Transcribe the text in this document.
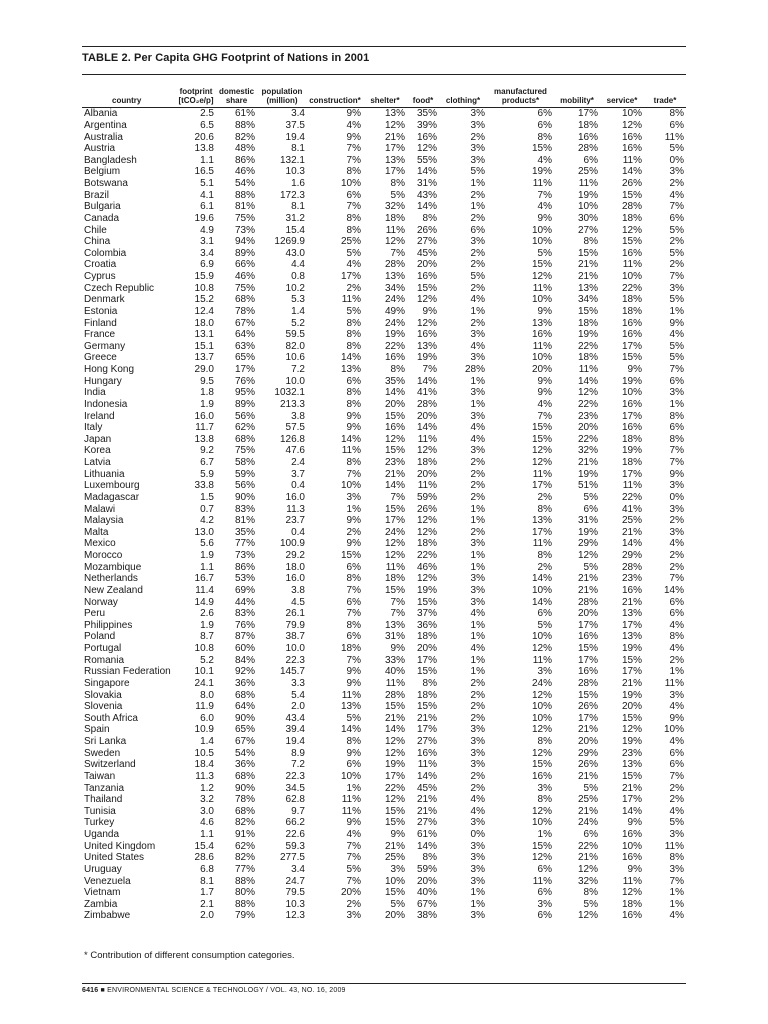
TABLE 2. Per Capita GHG Footprint of Nations in 2001
country	footprint [tCO₂e/p]	domestic share	population (million)	construction*	shelter*	food*	clothing*	manufactured products*	mobility*	service*	trade*

Albania	2.5	61%	3.4	9%	13%	35%	3%	6%	17%	10%	8%
Argentina	6.5	88%	37.5	4%	12%	39%	3%	6%	18%	12%	6%
Australia	20.6	82%	19.4	9%	21%	16%	2%	8%	16%	16%	11%
Austria	13.8	48%	8.1	7%	17%	12%	3%	15%	28%	16%	5%
Bangladesh	1.1	86%	132.1	7%	13%	55%	3%	4%	6%	11%	0%
Belgium	16.5	46%	10.3	8%	17%	14%	5%	19%	25%	14%	3%
Botswana	5.1	54%	1.6	10%	8%	31%	1%	11%	11%	26%	2%
Brazil	4.1	88%	172.3	6%	5%	43%	2%	7%	19%	15%	4%
Bulgaria	6.1	81%	8.1	7%	32%	14%	1%	4%	10%	28%	7%
Canada	19.6	75%	31.2	8%	18%	8%	2%	9%	30%	18%	6%
Chile	4.9	73%	15.4	8%	11%	26%	6%	10%	27%	12%	5%
China	3.1	94%	1269.9	25%	12%	27%	3%	10%	8%	15%	2%
Colombia	3.4	89%	43.0	5%	7%	45%	2%	5%	15%	16%	5%
Croatia	6.9	66%	4.4	4%	28%	20%	2%	15%	21%	11%	2%
Cyprus	15.9	46%	0.8	17%	13%	16%	5%	12%	21%	10%	7%
Czech Republic	10.8	75%	10.2	2%	34%	15%	2%	11%	13%	22%	3%
Denmark	15.2	68%	5.3	11%	24%	12%	4%	10%	34%	18%	5%
Estonia	12.4	78%	1.4	5%	49%	9%	1%	9%	15%	18%	1%
Finland	18.0	67%	5.2	8%	24%	12%	2%	13%	18%	16%	9%
France	13.1	64%	59.5	8%	19%	16%	3%	16%	19%	16%	4%
Germany	15.1	63%	82.0	8%	22%	13%	4%	11%	22%	17%	5%
Greece	13.7	65%	10.6	14%	16%	19%	3%	10%	18%	15%	5%
Hong Kong	29.0	17%	7.2	13%	8%	7%	28%	20%	11%	9%	7%
Hungary	9.5	76%	10.0	6%	35%	14%	1%	9%	14%	19%	6%
India	1.8	95%	1032.1	8%	14%	41%	3%	9%	12%	10%	3%
Indonesia	1.9	89%	213.3	8%	20%	28%	1%	4%	22%	16%	1%
Ireland	16.0	56%	3.8	9%	15%	20%	3%	7%	23%	17%	8%
Italy	11.7	62%	57.5	9%	16%	14%	4%	15%	20%	16%	6%
Japan	13.8	68%	126.8	14%	12%	11%	4%	15%	22%	18%	8%
Korea	9.2	75%	47.6	11%	15%	12%	3%	12%	32%	19%	7%
Latvia	6.7	58%	2.4	8%	23%	18%	2%	12%	21%	18%	7%
Lithuania	5.9	59%	3.7	7%	21%	20%	2%	11%	19%	17%	9%
Luxembourg	33.8	56%	0.4	10%	14%	11%	2%	17%	51%	11%	3%
Madagascar	1.5	90%	16.0	3%	7%	59%	2%	2%	5%	22%	0%
Malawi	0.7	83%	11.3	1%	15%	26%	1%	8%	6%	41%	3%
Malaysia	4.2	81%	23.7	9%	17%	12%	1%	13%	31%	25%	2%
Malta	13.0	35%	0.4	2%	24%	12%	2%	17%	19%	21%	3%
Mexico	5.6	77%	100.9	9%	12%	18%	3%	11%	29%	14%	4%
Morocco	1.9	73%	29.2	15%	12%	22%	1%	8%	12%	29%	2%
Mozambique	1.1	86%	18.0	6%	11%	46%	1%	2%	5%	28%	2%
Netherlands	16.7	53%	16.0	8%	18%	12%	3%	14%	21%	23%	7%
New Zealand	11.4	69%	3.8	7%	15%	19%	3%	10%	21%	16%	14%
Norway	14.9	44%	4.5	6%	7%	15%	3%	14%	28%	21%	6%
Peru	2.6	83%	26.1	7%	7%	37%	4%	6%	20%	13%	6%
Philippines	1.9	76%	79.9	8%	13%	36%	1%	5%	17%	17%	4%
Poland	8.7	87%	38.7	6%	31%	18%	1%	10%	16%	13%	8%
Portugal	10.8	60%	10.0	18%	9%	20%	4%	12%	15%	19%	4%
Romania	5.2	84%	22.3	7%	33%	17%	1%	11%	17%	15%	2%
Russian Federation	10.1	92%	145.7	9%	40%	15%	1%	3%	16%	17%	1%
Singapore	24.1	36%	3.3	9%	11%	8%	2%	24%	28%	21%	11%
Slovakia	8.0	68%	5.4	11%	28%	18%	2%	12%	15%	19%	3%
Slovenia	11.9	64%	2.0	13%	15%	15%	2%	10%	26%	20%	4%
South Africa	6.0	90%	43.4	5%	21%	21%	2%	10%	17%	15%	9%
Spain	10.9	65%	39.4	14%	14%	17%	3%	12%	21%	12%	10%
Sri Lanka	1.4	67%	19.4	8%	12%	27%	3%	8%	20%	19%	4%
Sweden	10.5	54%	8.9	9%	12%	16%	3%	12%	29%	23%	6%
Switzerland	18.4	36%	7.2	6%	19%	11%	3%	15%	26%	13%	6%
Taiwan	11.3	68%	22.3	10%	17%	14%	2%	16%	21%	15%	7%
Tanzania	1.2	90%	34.5	1%	22%	45%	2%	3%	5%	21%	2%
Thailand	3.2	78%	62.8	11%	12%	21%	4%	8%	25%	17%	2%
Tunisia	3.0	68%	9.7	11%	15%	21%	4%	12%	21%	14%	4%
Turkey	4.6	82%	66.2	9%	15%	27%	3%	10%	24%	9%	5%
Uganda	1.1	91%	22.6	4%	9%	61%	0%	1%	6%	16%	3%
United Kingdom	15.4	62%	59.3	7%	21%	14%	3%	15%	22%	10%	11%
United States	28.6	82%	277.5	7%	25%	8%	3%	12%	21%	16%	8%
Uruguay	6.8	77%	3.4	5%	3%	59%	3%	6%	12%	9%	3%
Venezuela	8.1	88%	24.7	7%	10%	20%	3%	11%	32%	11%	7%
Vietnam	1.7	80%	79.5	20%	15%	40%	1%	6%	8%	12%	1%
Zambia	2.1	88%	10.3	2%	5%	67%	1%	3%	5%	18%	1%
Zimbabwe	2.0	79%	12.3	3%	20%	38%	3%	6%	12%	16%	4%
* Contribution of different consumption categories.
6416 ■ ENVIRONMENTAL SCIENCE & TECHNOLOGY / VOL. 43, NO. 16, 2009
